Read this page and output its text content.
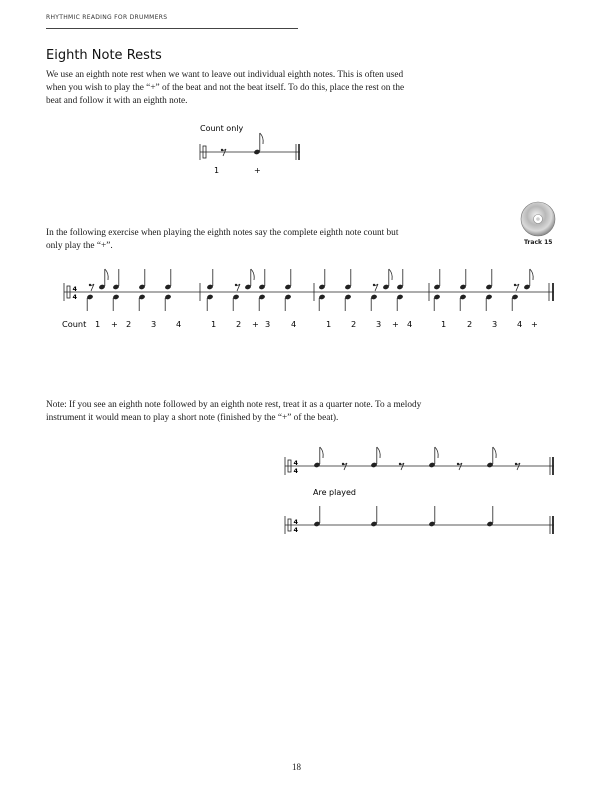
RHYTHMIC READING FOR DRUMMERS
Eighth Note Rests

We use an eighth note rest when we want to leave out individual eighth notes. This is often used when you wish to play the “+” of the beat and not the beat itself. To do this, place the rest on the beat and follow it with an eighth note.

Count only
1	+

In the following exercise when playing the eighth notes say the complete eighth note count but only play the “+”.	Track 15
4
4
Count 1 + 2 3 4	1 2 + 3	4	1 2 3 + 4	1	2 3 4 +

Note: If you see an eighth note followed by an eighth note rest, treat it as a quarter note. To a melody instrument it would mean to play a short note (finished by the “+” of the beat).

4
4
Are played
4
4
18
